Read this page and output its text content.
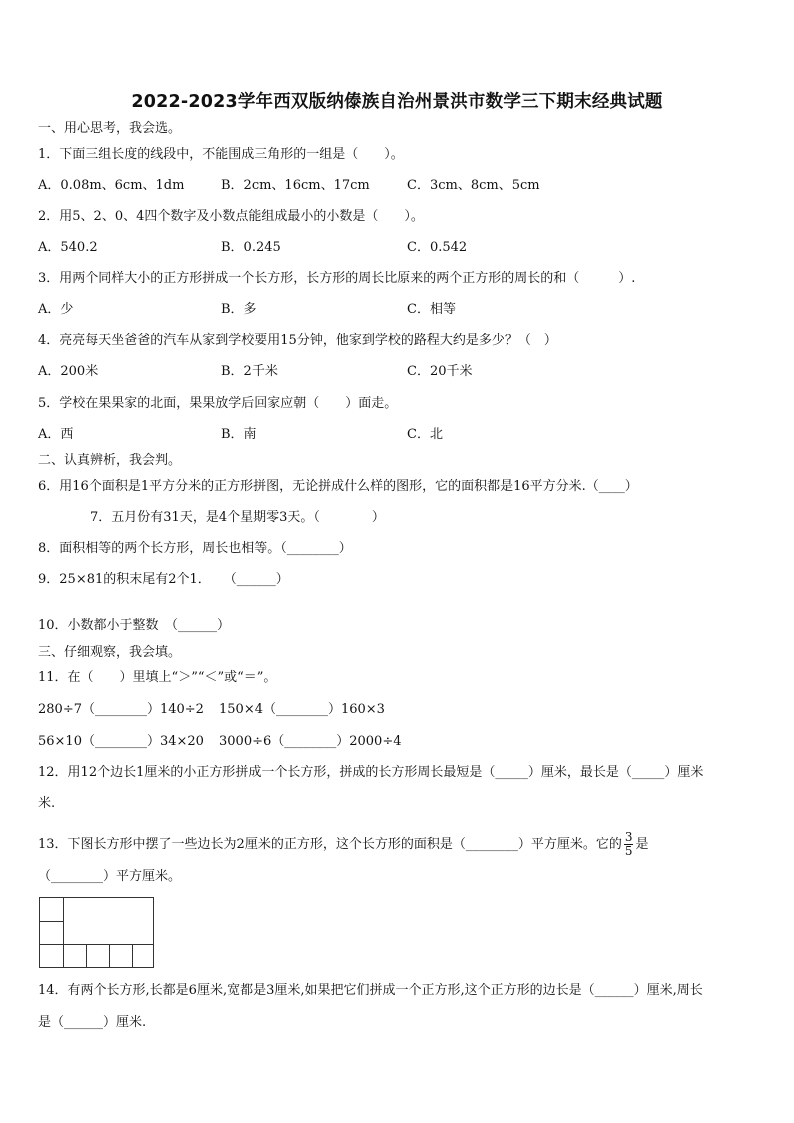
2022-2023学年西双版纳傣族自治州景洪市数学三下期末经典试题
一、用心思考，我会选。
1．下面三组长度的线段中，不能围成三角形的一组是（　　）。
A．0.08m、6cm、1dm	B．2cm、16cm、17cm	C．3cm、8cm、5cm
2．用5、2、0、4四个数字及小数点能组成最小的小数是（　　）。
A．540.2	B．0.245	C．0.542
3．用两个同样大小的正方形拼成一个长方形，长方形的周长比原来的两个正方形的周长的和（　　　）.
A．少	B．多	C．相等
4．亮亮每天坐爸爸的汽车从家到学校要用15分钟，他家到学校的路程大约是多少？（　）
A．200米	B．2千米	C．20千米
5．学校在果果家的北面，果果放学后回家应朝（　　）面走。
A．西	B．南	C．北
二、认真辨析，我会判。
6．用16个面积是1平方分米的正方形拼图，无论拼成什么样的图形，它的面积都是16平方分米.（____）
7．五月份有31天，是4个星期零3天。（　　　　）
8．面积相等的两个长方形，周长也相等。（________）
9．25×81的积末尾有2个1．　　（______）
10．小数都小于整数　（______）
三、仔细观察，我会填。
11．在（　　）里填上“＞”“＜”或“＝”。
280÷7（________）140÷2 150×4（________）160×3
56×10（________）34×20 3000÷6（________）2000÷4
12．用12个边长1厘米的小正方形拼成一个长方形，拼成的长方形周长最短是（_____）厘米，最长是（_____）厘米
米.
13．下图长方形中摆了一些边长为2厘米的正方形，这个长方形的面积是（________）平方厘米。它的 $\frac{3}{5}$ 是
（________）平方厘米。
14．有两个长方形,长都是6厘米,宽都是3厘米,如果把它们拼成一个正方形,这个正方形的边长是（______）厘米,周长
是（______）厘米.
